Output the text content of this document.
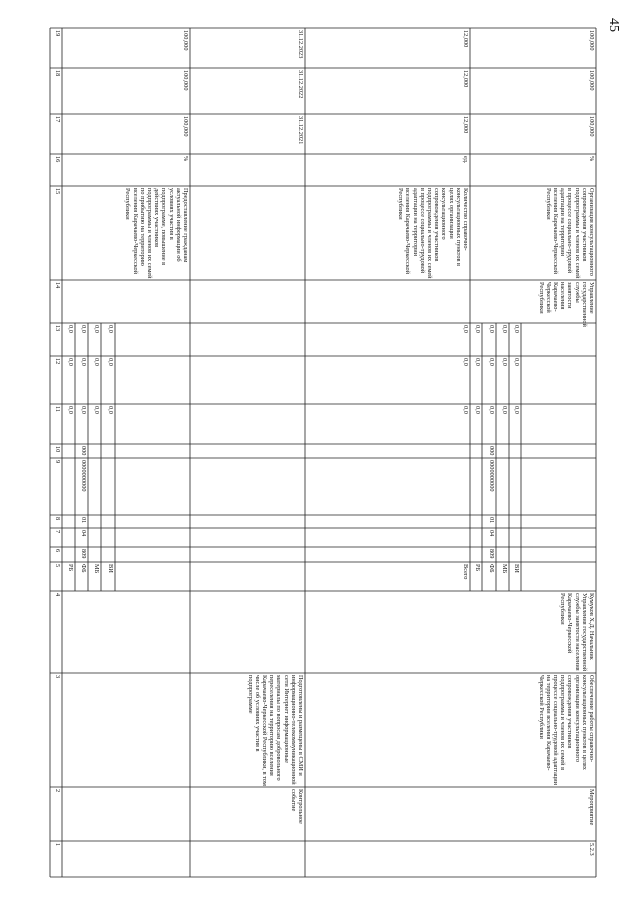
45
1
2
3
4
5
6
7
8
9
10
11
12
13
14
15
16
17
18
19
РБ ФБ МБ ВИ
809
04
01
0000000000
000
0,0
0,0
0,0
0,0
0,0
0,0
0,0
0,0
0,0
0,0
0,0
0,0
Предоставление гражданам актуальной информации об условиях участия в подпрограмме, повышение в действиях участников подпрограммы и членов их семей по прибытию на территорию вселения Карачаево-Черкесской Республики
%
100,000
100,000
100,000
Контрольное событие
Подготовлены и размещены в СМИ и информационно-телекоммуникационной сети Интернет информационные материалы по вопросам добровольного переселения на территорию вселения Карачаево-Черкесской Республики, в том числе об условиях участия в подпрограмме
31.12.2021
31.12.2022
31.12.2023
5.2.3
Мероприятие
Обеспечение работы справочно-консультационных пунктов в целях организации консультационного сопровождения участников подпрограммы и членов их семей в процессе социально-трудовой адаптации на территории вселения Карачаево-Черкесской Республики
Кумуков Х.Д. Начальник Управления государственной службы занятости населения Карачаево-Черкесской Республики
Всего
0,0
0,0
0,0
Управление государственной службы занятости населения Карачаево-Черкесской Республики
Количество справочно-консультационных пунктов в целях организации консультационного сопровождения участников подпрограммы и членов их семей в процессе социально-трудовой адаптации на территории вселения Карачаево-Черкесской Республики
ед.
12,000
12,000
12,000
РБ
0,0
0,0
0,0
ФБ
0,0
0,0
0,0
МБ
0,0
0,0
0,0
ВИ
0,0
0,0
0,0
809
04
01
0000000000
000
Организация консультационного сопровождения участников подпрограммы и членов их семей в процессе социально-трудовой адаптации на территории вселения Карачаево-Черкесской Республики
%
100,000
100,000
100,000
